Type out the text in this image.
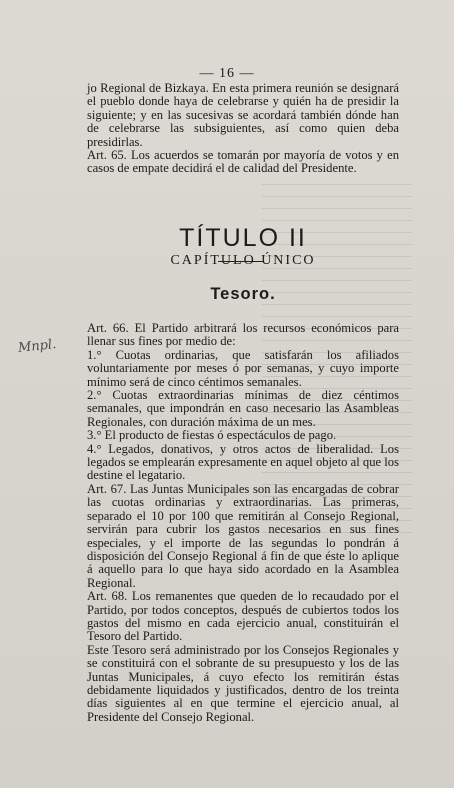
— 16 —

jo Regional de Bizkaya. En esta primera reunión se designará el pueblo donde haya de celebrarse y quién ha de presidir la siguiente; y en las sucesivas se acordará también dónde han de celebrarse las subsiguientes, así como quien deba presidirlas.

Art. 65. Los acuerdos se tomarán por mayoría de votos y en casos de empate decidirá el de calidad del Presidente.

TÍTULO II
CAPÍTULO ÚNICO
Tesoro.
Mnpl.

Art. 66. El Partido arbitrará los recursos económicos para llenar sus fines por medio de:

1.° Cuotas ordinarias, que satisfarán los afiliados voluntariamente por meses ó por semanas, y cuyo importe mínimo será de cinco céntimos semanales.

2.° Cuotas extraordinarias mínimas de diez céntimos semanales, que impondrán en caso necesario las Asambleas Regionales, con duración máxima de un mes.

3.° El producto de fiestas ó espectáculos de pago.

4.° Legados, donativos, y otros actos de liberalidad. Los legados se emplearán expresamente en aquel objeto al que los destine el legatario.

Art. 67. Las Juntas Municipales son las encargadas de cobrar las cuotas ordinarias y extraordinarias. Las primeras, separado el 10 por 100 que remitirán al Consejo Regional, servirán para cubrir los gastos necesarios en sus fines especiales, y el importe de las segundas lo pondrán á disposición del Consejo Regional á fin de que éste lo aplique á aquello para lo que haya sido acordado en la Asamblea Regional.

Art. 68. Los remanentes que queden de lo recaudado por el Partido, por todos conceptos, después de cubiertos todos los gastos del mismo en cada ejercicio anual, constituirán el Tesoro del Partido.

Este Tesoro será administrado por los Consejos Regionales y se constituirá con el sobrante de su presupuesto y los de las Juntas Municipales, á cuyo efecto los remitirán éstas debidamente liquidados y justificados, dentro de los treinta días siguientes al en que termine el ejercicio anual, al Presidente del Consejo Regional.
